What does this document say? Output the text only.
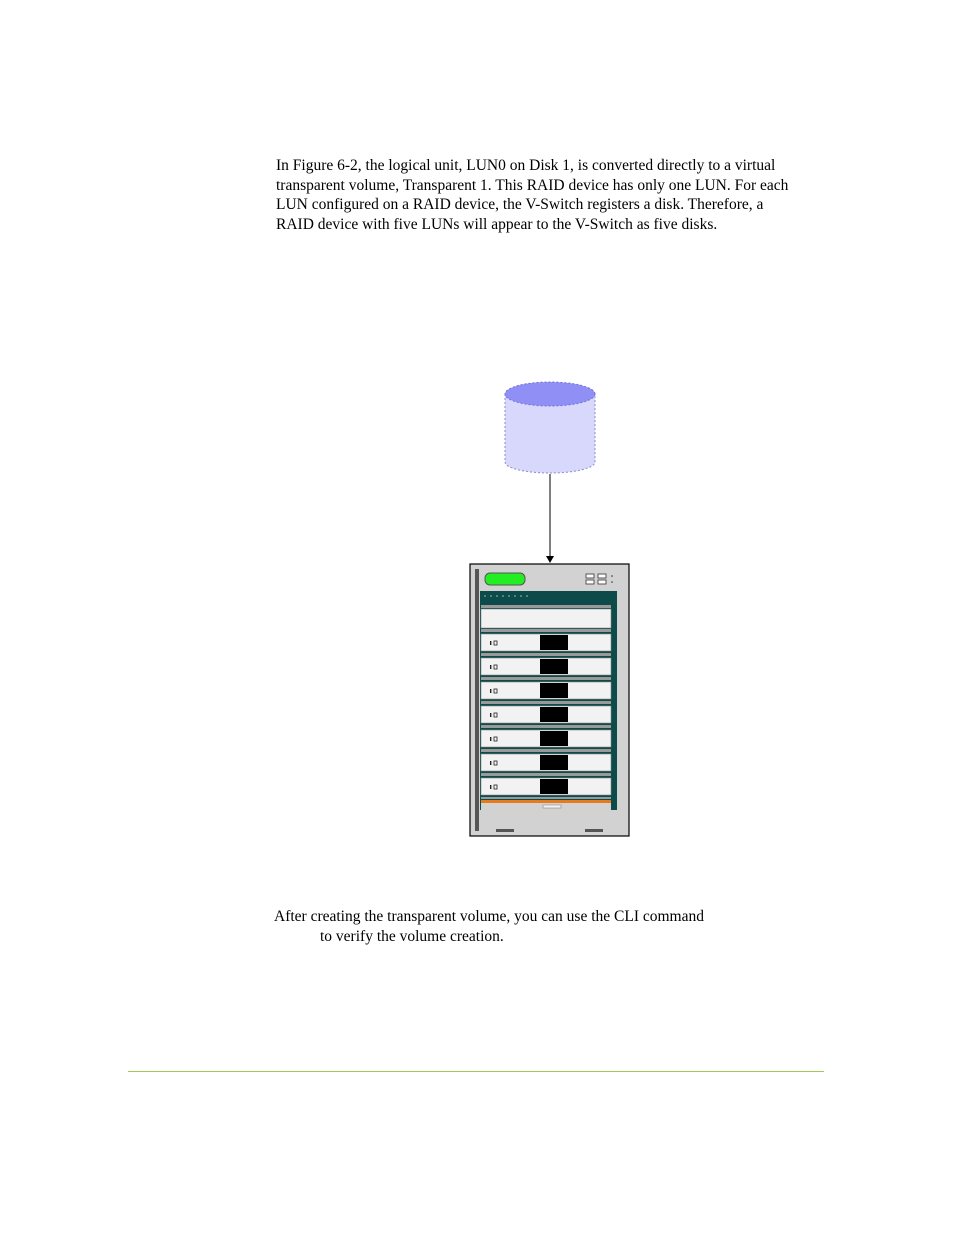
In Figure 6-2, the logical unit, LUN0 on Disk 1, is converted directly to a virtual transparent volume, Transparent 1. This RAID device has only one LUN. For each LUN configured on a RAID device, the V-Switch registers a disk. Therefore, a RAID device with five LUNs will appear to the V-Switch as five disks.

After creating the transparent volume, you can use the CLI command
to verify the volume creation.
